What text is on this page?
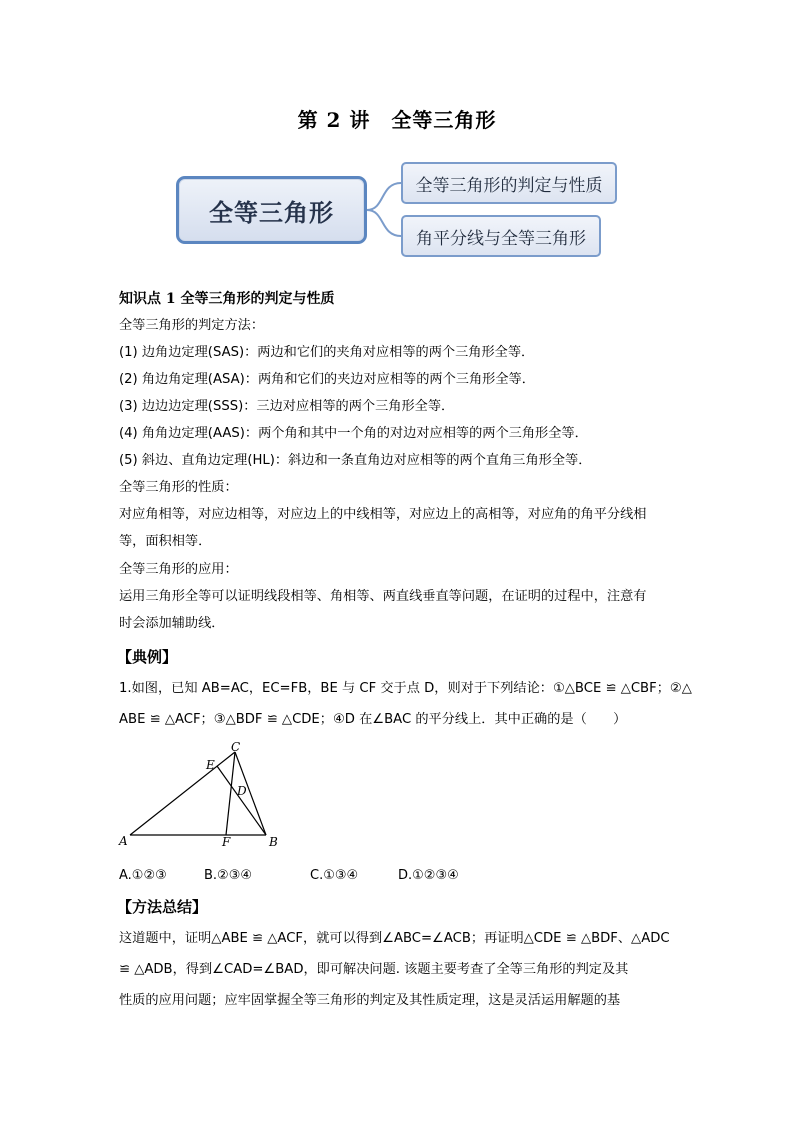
第 2 讲　全等三角形
全等三角形
全等三角形的判定与性质
角平分线与全等三角形
知识点 1 全等三角形的判定与性质
全等三角形的判定方法：
(1) 边角边定理(SAS)：两边和它们的夹角对应相等的两个三角形全等．
(2) 角边角定理(ASA)：两角和它们的夹边对应相等的两个三角形全等．
(3) 边边边定理(SSS)：三边对应相等的两个三角形全等．
(4) 角角边定理(AAS)：两个角和其中一个角的对边对应相等的两个三角形全等．
(5) 斜边、直角边定理(HL)：斜边和一条直角边对应相等的两个直角三角形全等．
全等三角形的性质：
对应角相等，对应边相等，对应边上的中线相等，对应边上的高相等，对应角的角平分线相
等，面积相等．
全等三角形的应用：
运用三角形全等可以证明线段相等、角相等、两直线垂直等问题，在证明的过程中，注意有
时会添加辅助线．
【典例】
1.如图，已知 AB=AC，EC=FB，BE 与 CF 交于点 D，则对于下列结论：①△BCE ≌ △CBF；②△
ABE ≌ △ACF；③△BDF ≌ △CDE；④D 在∠BAC 的平分线上．其中正确的是（　　）
C
E
D
A	F	B
A.①②③	B.②③④	C.①③④	D.①②③④
【方法总结】
这道题中，证明△ABE ≌ △ACF，就可以得到∠ABC=∠ACB；再证明△CDE ≌ △BDF、△ADC
≌ △ADB，得到∠CAD=∠BAD，即可解决问题. 该题主要考查了全等三角形的判定及其
性质的应用问题；应牢固掌握全等三角形的判定及其性质定理，这是灵活运用解题的基
